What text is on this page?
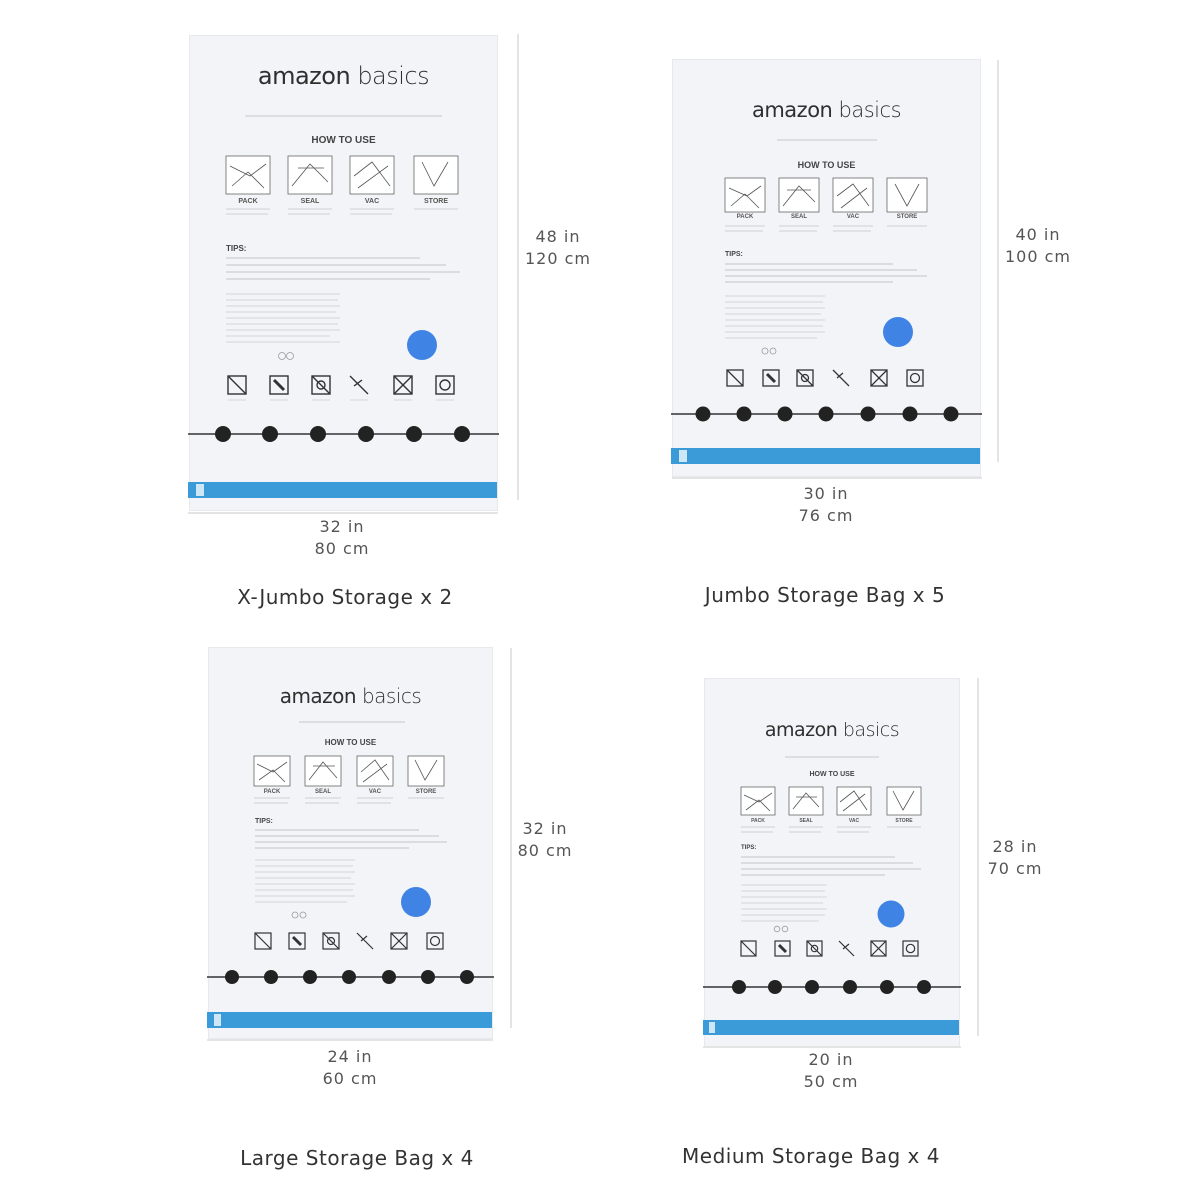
amazon basics
HOW TO USE
PACK	SEAL	VAC	STORE
TIPS:
48 in
120 cm
32 in
80 cm
X-Jumbo Storage x 2
amazon basics
HOW TO USE
PACK	SEAL	VAC	STORE
TIPS:
40 in
100 cm
30 in
76 cm
Jumbo Storage Bag x 5
amazon basics
HOW TO USE
PACK	SEAL	VAC	STORE
TIPS:	32 in
80 cm
24 in
60 cm
Large Storage Bag x 4
amazon basics
HOW TO USE
PACK	SEAL	VAC	STORE
TIPS:	28 in
70 cm
20 in
50 cm
Medium Storage Bag x 4
